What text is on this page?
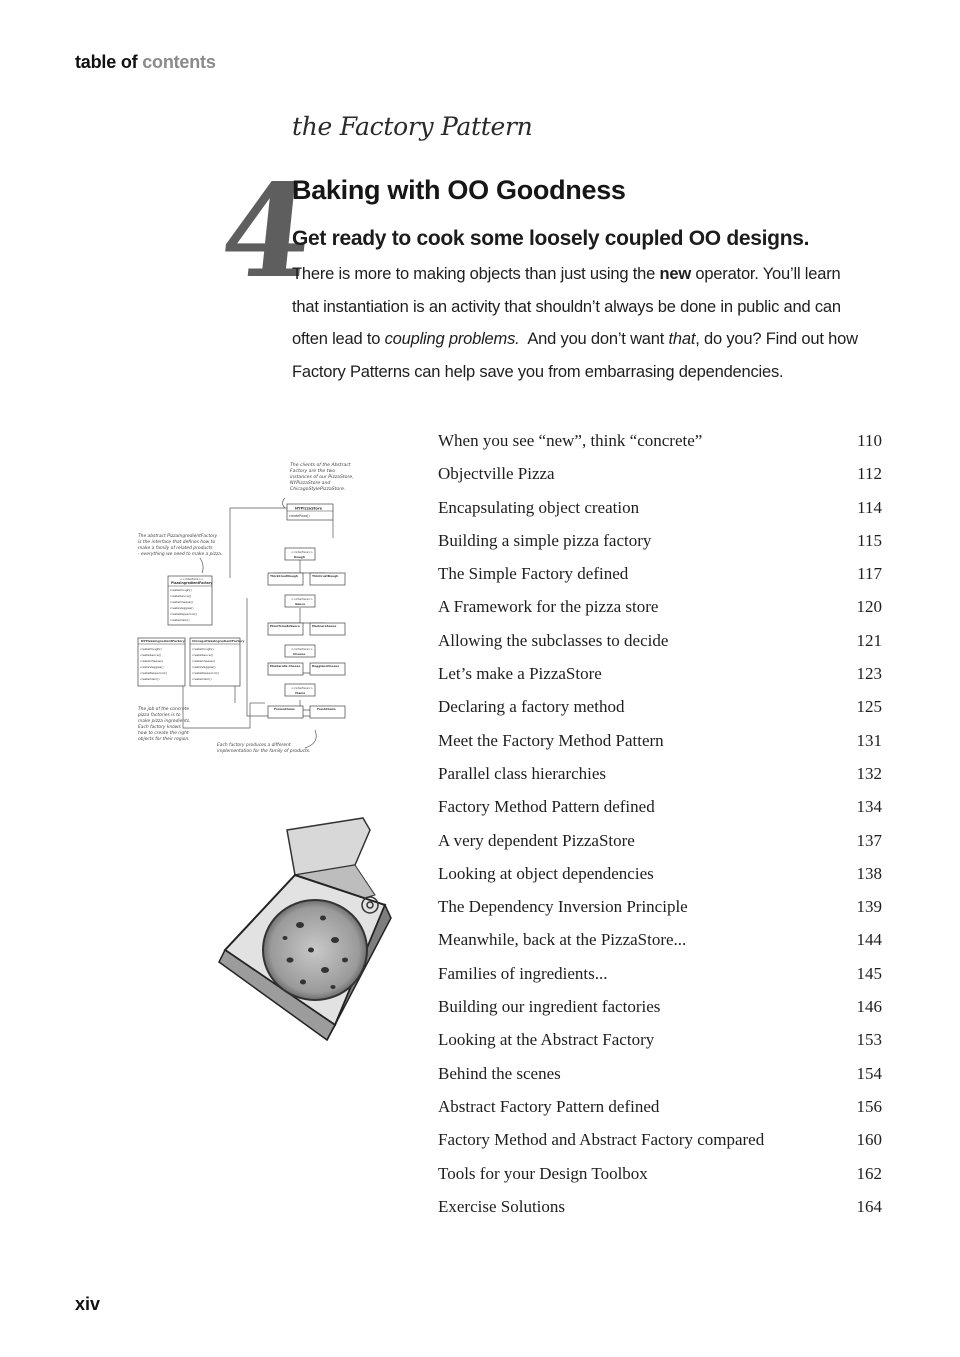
table of contents
the Factory Pattern
4
Baking with OO Goodness
Get ready to cook some loosely coupled OO designs.
There is more to making objects than just using the new operator. You’ll learn
that instantiation is an activity that shouldn’t always be done in public and can
often lead to coupling problems.  And you don’t want that, do you? Find out how
Factory Patterns can help save you from embarrasing dependencies.
When you see “new”, think “concrete”	110
Objectville Pizza	112
Encapsulating object creation	114
Building a simple pizza factory	115
The Simple Factory defined	117
A Framework for the pizza store	120
Allowing the subclasses to decide	121
Let’s make a PizzaStore	123
Declaring a factory method	125
Meet the Factory Method Pattern	131
Parallel class hierarchies	132
Factory Method Pattern defined	134
A very dependent PizzaStore	137
Looking at object dependencies	138
The Dependency Inversion Principle	139
Meanwhile, back at the PizzaStore...	144
Families of ingredients...	145
Building our ingredient factories	146
Looking at the Abstract Factory	153
Behind the scenes	154
Abstract Factory Pattern defined	156
Factory Method and Abstract Factory compared	160
Tools for your Design Toolbox	162
Exercise Solutions	164
The clients of the Abstract
Factory are the two
instances of our PizzaStore,
NYPizzaStore and
ChicagoStylePizzaStore.
The abstract PizzaIngredientFactory
is the interface that defines how to
make a family of related products
- everything we need to make a pizza.
The job of the concrete
pizza factories is to
make pizza ingredients.
Each factory knows
how to create the right
objects for their region.
Each factory produces a different
implementation for the family of products.
NYPizzaStore
createPizza()
<<interface>>
PizzaIngredientFactory
createDough()
createSauce()
createCheese()
createVeggies()
createPepperoni()
createClam()
NYPizzaIngredientFactory
createDough()
createSauce()
createCheese()
createVeggies()
createPepperoni()
createClam()
ChicagoPizzaIngredientFactory
createDough()
createSauce()
createCheese()
createVeggies()
createPepperoni()
createClam()
<<interface>>
Dough
ThickCrustDough	ThinCrustDough
<<interface>>
Sauce
PlumTomatoSauce	MarinaraSauce
<<interface>>
Cheese
Mozzarella Cheese	ReggianoCheese
<<interface>>
Clams
FrozenClams	FreshClams
xiv
